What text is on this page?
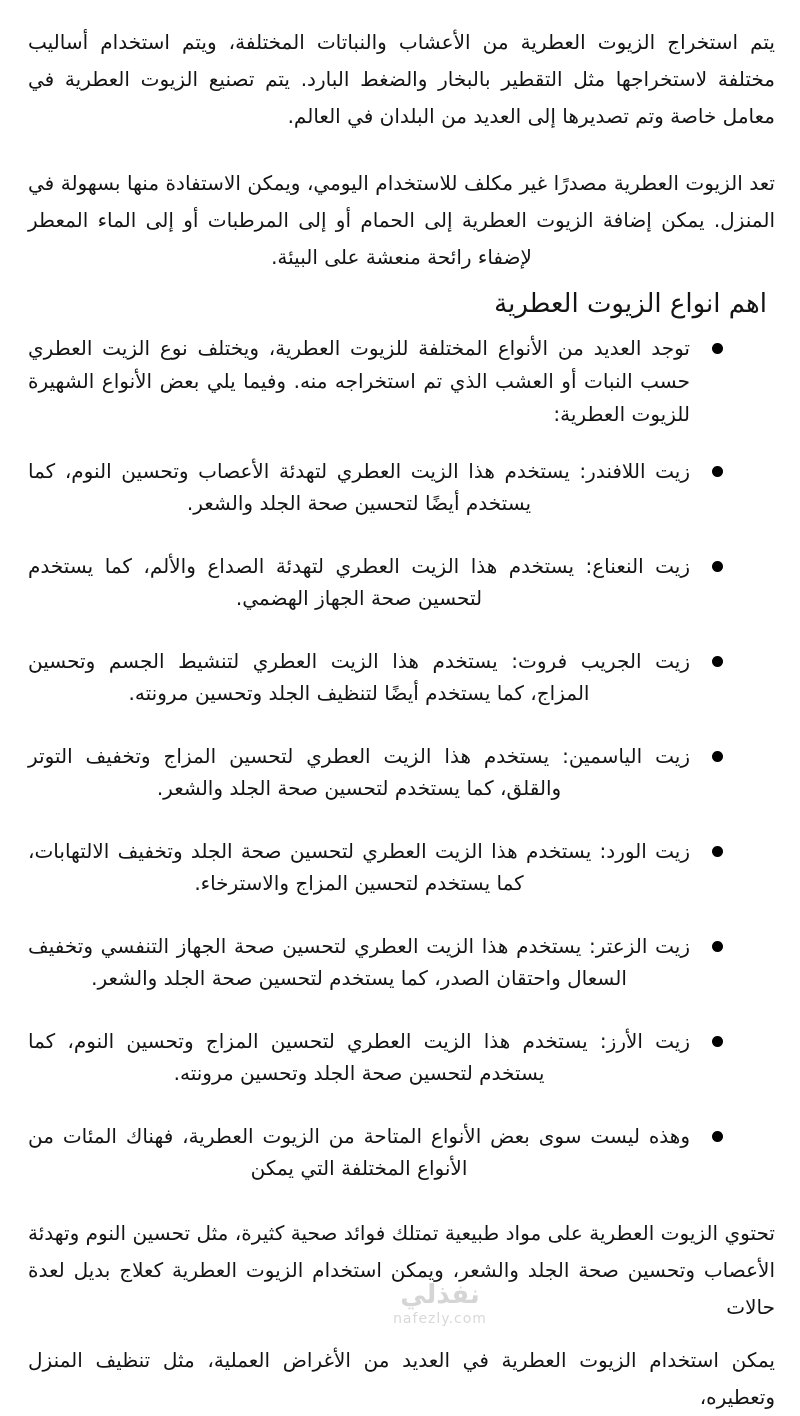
نفذلي
nafezly.com

يتم استخراج الزيوت العطرية من الأعشاب والنباتات المختلفة، ويتم استخدام أساليب مختلفة لاستخراجها مثل التقطير بالبخار والضغط البارد. يتم تصنيع الزيوت العطرية في معامل خاصة وتم تصديرها إلى العديد من البلدان في العالم.

تعد الزيوت العطرية مصدرًا غير مكلف للاستخدام اليومي، ويمكن الاستفادة منها بسهولة في المنزل. يمكن إضافة الزيوت العطرية إلى الحمام أو إلى المرطبات أو إلى الماء المعطر لإضفاء رائحة منعشة على البيئة.

اهم انواع الزيوت العطرية
توجد العديد من الأنواع المختلفة للزيوت العطرية، ويختلف نوع الزيت العطري حسب النبات أو العشب الذي تم استخراجه منه. وفيما يلي بعض الأنواع الشهيرة للزيوت العطرية:
زيت اللافندر: يستخدم هذا الزيت العطري لتهدئة الأعصاب وتحسين النوم، كما يستخدم أيضًا لتحسين صحة الجلد والشعر.
زيت النعناع: يستخدم هذا الزيت العطري لتهدئة الصداع والألم، كما يستخدم لتحسين صحة الجهاز الهضمي.
زيت الجريب فروت: يستخدم هذا الزيت العطري لتنشيط الجسم وتحسين المزاج، كما يستخدم أيضًا لتنظيف الجلد وتحسين مرونته.
زيت الياسمين: يستخدم هذا الزيت العطري لتحسين المزاج وتخفيف التوتر والقلق، كما يستخدم لتحسين صحة الجلد والشعر.
زيت الورد: يستخدم هذا الزيت العطري لتحسين صحة الجلد وتخفيف الالتهابات، كما يستخدم لتحسين المزاج والاسترخاء.
زيت الزعتر: يستخدم هذا الزيت العطري لتحسين صحة الجهاز التنفسي وتخفيف السعال واحتقان الصدر، كما يستخدم لتحسين صحة الجلد والشعر.
زيت الأرز: يستخدم هذا الزيت العطري لتحسين المزاج وتحسين النوم، كما يستخدم لتحسين صحة الجلد وتحسين مرونته.
وهذه ليست سوى بعض الأنواع المتاحة من الزيوت العطرية، فهناك المئات من الأنواع المختلفة التي يمكن

تحتوي الزيوت العطرية على مواد طبيعية تمتلك فوائد صحية كثيرة، مثل تحسين النوم وتهدئة الأعصاب وتحسين صحة الجلد والشعر، ويمكن استخدام الزيوت العطرية كعلاج بديل لعدة حالات

يمكن استخدام الزيوت العطرية في العديد من الأغراض العملية، مثل تنظيف المنزل وتعطيره،
